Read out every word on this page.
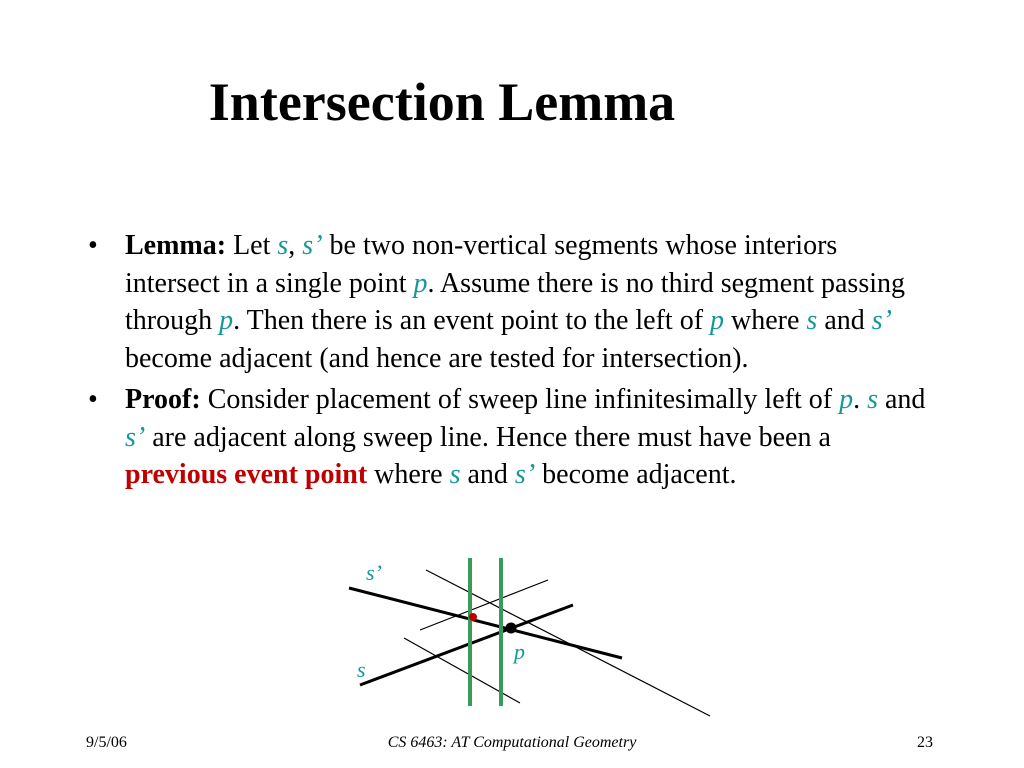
Intersection Lemma
• Lemma: Let s, s’ be two non-vertical segments whose interiors intersect in a single point p. Assume there is no third segment passing through p. Then there is an event point to the left of p where s and s’ become adjacent (and hence are tested for intersection).
• Proof: Consider placement of sweep line infinitesimally left of p. s and s’ are adjacent along sweep line. Hence there must have been a previous event point where s and s’ become adjacent.
s’
s
p
9/5/06	CS 6463: AT Computational Geometry	23
